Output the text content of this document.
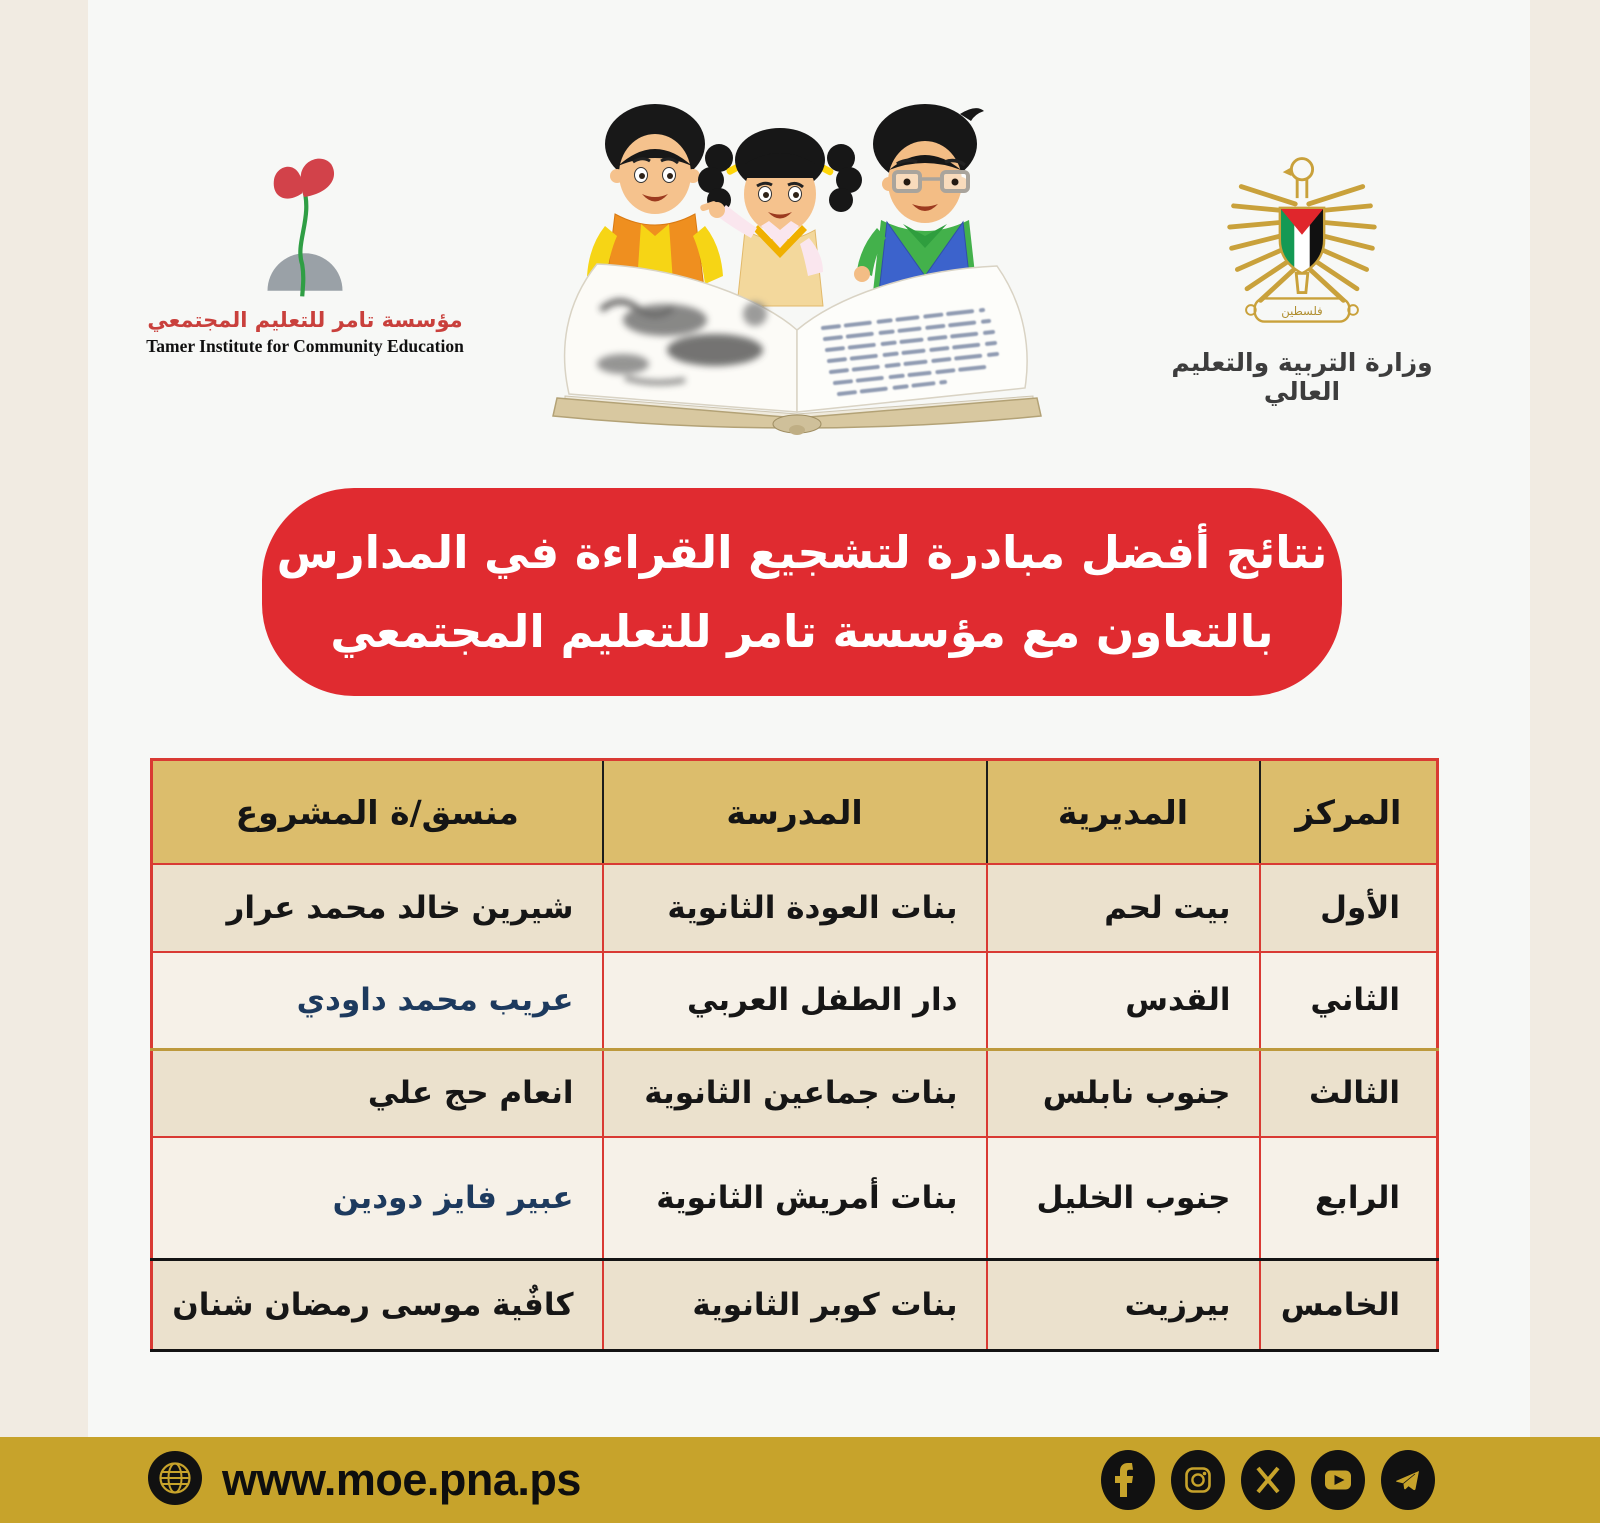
مؤسسة تامر للتعليم المجتمعي
Tamer Institute for Community Education
فلسطين
وزارة التربية والتعليم العالي
نتائج أفضل مبادرة لتشجيع القراءة في المدارس
بالتعاون مع مؤسسة تامر للتعليم المجتمعي
المركز	المديرية	المدرسة	منسق/ة المشروع
الأول	بيت لحم	بنات العودة الثانوية	شيرين خالد محمد عرار
الثاني	القدس	دار الطفل العربي	عريب محمد داودي
الثالث	جنوب نابلس	بنات جماعين الثانوية	انعام حج علي
الرابع	جنوب الخليل	بنات أمريش الثانوية	عبير فايز دودين
الخامس	بيرزيت	بنات كوبر الثانوية	كافٌية موسى رمضان شنان
www.moe.pna.ps
